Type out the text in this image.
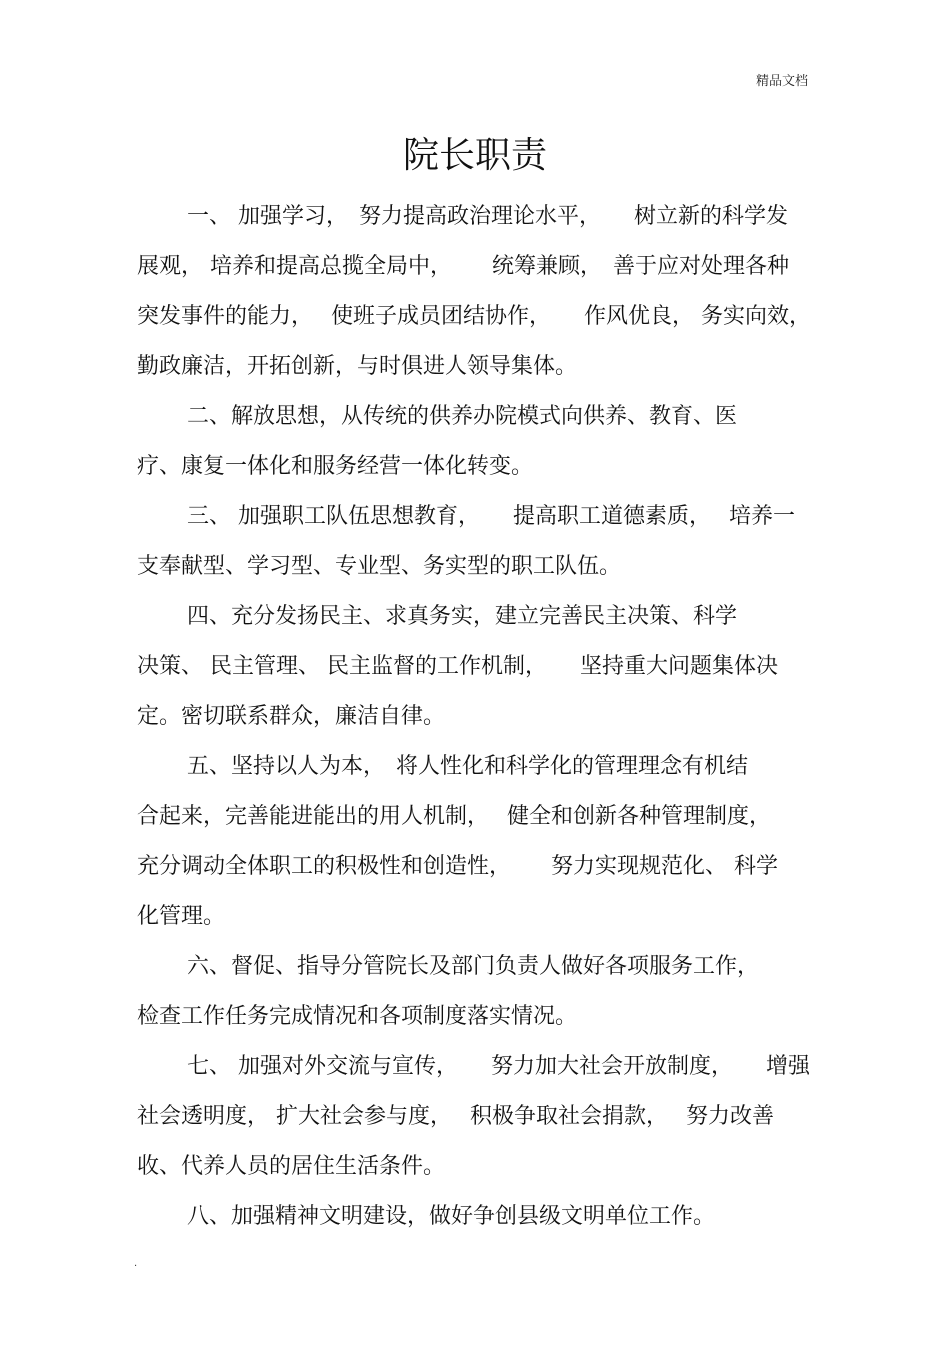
精品文档
院长职责

一、 加强学习，　努力提高政治理论水平，　　树立新的科学发
展观， 培养和提高总揽全局中，　　 统筹兼顾，　善于应对处理各种
突发事件的能力，　 使班子成员团结协作，　　作风优良， 务实向效，
勤政廉洁，开拓创新，与时俱进人领导集体。

二、解放思想，从传统的供养办院模式向供养、教育、医
疗、康复一体化和服务经营一体化转变。

三、 加强职工队伍思想教育，　　提高职工道德素质，　 培养一
支奉献型、学习型、专业型、务实型的职工队伍。

四、充分发扬民主、求真务实，建立完善民主决策、科学
决策、 民主管理、 民主监督的工作机制，　　坚持重大问题集体决
定。密切联系群众，廉洁自律。

五、坚持以人为本，　将人性化和科学化的管理理念有机结
合起来，完善能进能出的用人机制，　 健全和创新各种管理制度，
充分调动全体职工的积极性和创造性，　　 努力实现规范化、 科学
化管理。

六、督促、指导分管院长及部门负责人做好各项服务工作，
检查工作任务完成情况和各项制度落实情况。

七、 加强对外交流与宣传，　　努力加大社会开放制度，　　增强
社会透明度， 扩大社会参与度，　 积极争取社会捐款，　 努力改善
收、代养人员的居住生活条件。

八、加强精神文明建设，做好争创县级文明单位工作。

.
